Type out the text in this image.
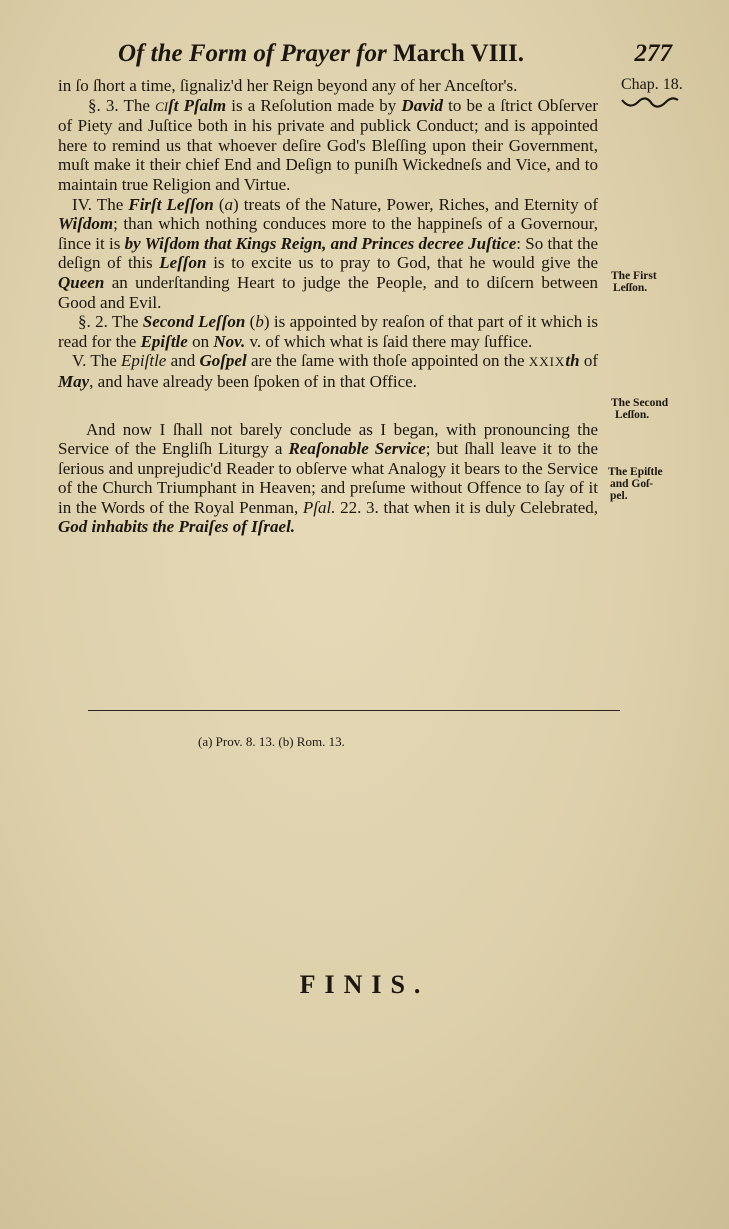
Of the Form of Prayer for March VIII.	277
Chap. 18.
The First
Leſſon.
The Second
Leſſon.
The Epiſtle
and Goſ-
pel.

in ſo ſhort a time, ſignaliz'd her Reign beyond any of her Anceſtor's.

§. 3. The CIſt Pſalm is a Reſolution made by David to be a ſtrict Obſerver of Piety and Juſtice both in his private and publick Conduct; and is appointed here to remind us that whoever deſire God's Bleſſing upon their Government, muſt make it their chief End and Deſign to puniſh Wickedneſs and Vice, and to maintain true Religion and Virtue.

IV. The Firſt Leſſon (a) treats of the Nature, Power, Riches, and Eternity of Wiſdom; than which nothing conduces more to the happineſs of a Governour, ſince it is by Wiſdom that Kings Reign, and Princes decree Juſtice: So that the deſign of this Leſſon is to excite us to pray to God, that he would give the Queen an underſtanding Heart to judge the People, and to diſcern between Good and Evil.

§. 2. The Second Leſſon (b) is appointed by reaſon of that part of it which is read for the Epiſtle on Nov. v. of which what is ſaid there may ſuffice.

V. The Epiſtle and Goſpel are the ſame with thoſe appointed on the XXIXth of May, and have already been ſpoken of in that Office.

And now I ſhall not barely conclude as I began, with pronouncing the Service of the Engliſh Liturgy a Reaſonable Service; but ſhall leave it to the ſerious and unprejudic'd Reader to obſerve what Analogy it bears to the Service of the Church Triumphant in Heaven; and preſume without Offence to ſay of it in the Words of the Royal Penman, Pſal. 22. 3. that when it is duly Celebrated, God inhabits the Praiſes of Iſrael.

(a) Prov. 8. 13. (b) Rom. 13.
FINIS.
